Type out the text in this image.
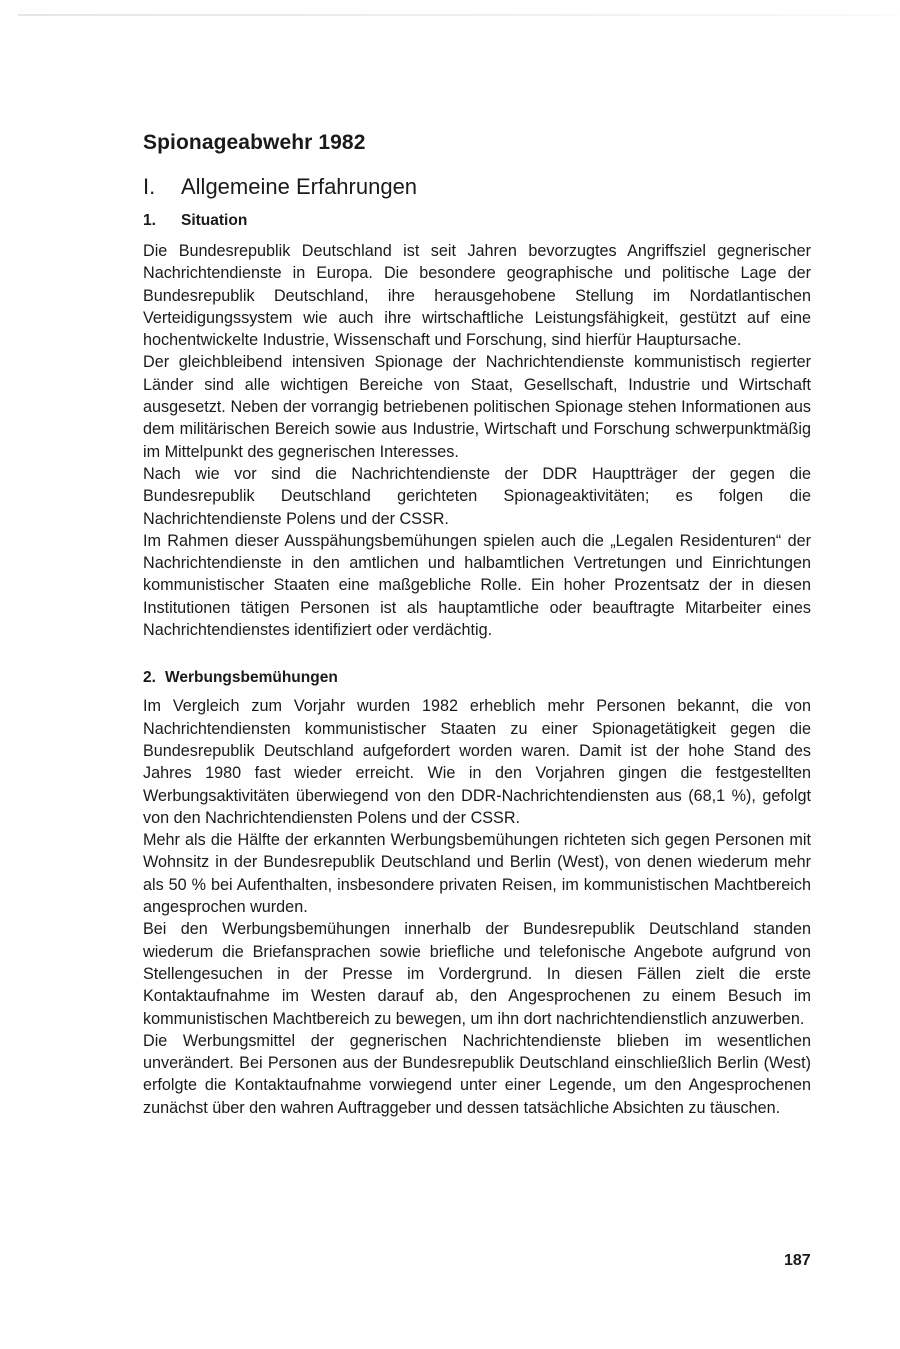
Spionageabwehr 1982
I.	Allgemeine Erfahrungen
1.	Situation

Die Bundesrepublik Deutschland ist seit Jahren bevorzugtes Angriffsziel gegnerischer Nachrichtendienste in Europa. Die besondere geographische und politische Lage der Bundesrepublik Deutschland, ihre herausgehobene Stellung im Nordatlantischen Verteidigungssystem wie auch ihre wirtschaftliche Leistungsfähigkeit, gestützt auf eine hochentwickelte Industrie, Wissenschaft und Forschung, sind hierfür Hauptursache.

Der gleichbleibend intensiven Spionage der Nachrichtendienste kommunistisch regierter Länder sind alle wichtigen Bereiche von Staat, Gesellschaft, Industrie und Wirtschaft ausgesetzt. Neben der vorrangig betriebenen politischen Spionage stehen Informationen aus dem militärischen Bereich sowie aus Industrie, Wirtschaft und Forschung schwerpunktmäßig im Mittelpunkt des gegnerischen Interesses.

Nach wie vor sind die Nachrichtendienste der DDR Hauptträger der gegen die Bundesrepublik Deutschland gerichteten Spionageaktivitäten; es folgen die Nachrichtendienste Polens und der CSSR.

Im Rahmen dieser Ausspähungsbemühungen spielen auch die „Legalen Residenturen“ der Nachrichtendienste in den amtlichen und halbamtlichen Vertretungen und Einrichtungen kommunistischer Staaten eine maßgebliche Rolle. Ein hoher Prozentsatz der in diesen Institutionen tätigen Personen ist als hauptamtliche oder beauftragte Mitarbeiter eines Nachrichtendienstes identifiziert oder verdächtig.

2. Werbungsbemühungen

Im Vergleich zum Vorjahr wurden 1982 erheblich mehr Personen bekannt, die von Nachrichtendiensten kommunistischer Staaten zu einer Spionagetätigkeit gegen die Bundesrepublik Deutschland aufgefordert worden waren. Damit ist der hohe Stand des Jahres 1980 fast wieder erreicht. Wie in den Vorjahren gingen die festgestellten Werbungsaktivitäten überwiegend von den DDR-Nachrichtendiensten aus (68,1 %), gefolgt von den Nachrichtendiensten Polens und der CSSR.

Mehr als die Hälfte der erkannten Werbungsbemühungen richteten sich gegen Personen mit Wohnsitz in der Bundesrepublik Deutschland und Berlin (West), von denen wiederum mehr als 50 % bei Aufenthalten, insbesondere privaten Reisen, im kommunistischen Machtbereich angesprochen wurden.

Bei den Werbungsbemühungen innerhalb der Bundesrepublik Deutschland standen wiederum die Briefansprachen sowie briefliche und telefonische Angebote aufgrund von Stellengesuchen in der Presse im Vordergrund. In diesen Fällen zielt die erste Kontaktaufnahme im Westen darauf ab, den Angesprochenen zu einem Besuch im kommunistischen Machtbereich zu bewegen, um ihn dort nachrichtendienstlich anzuwerben.

Die Werbungsmittel der gegnerischen Nachrichtendienste blieben im wesentlichen unverändert. Bei Personen aus der Bundesrepublik Deutschland einschließlich Berlin (West) erfolgte die Kontaktaufnahme vorwiegend unter einer Legende, um den Angesprochenen zunächst über den wahren Auftraggeber und dessen tatsächliche Absichten zu täuschen.

187
